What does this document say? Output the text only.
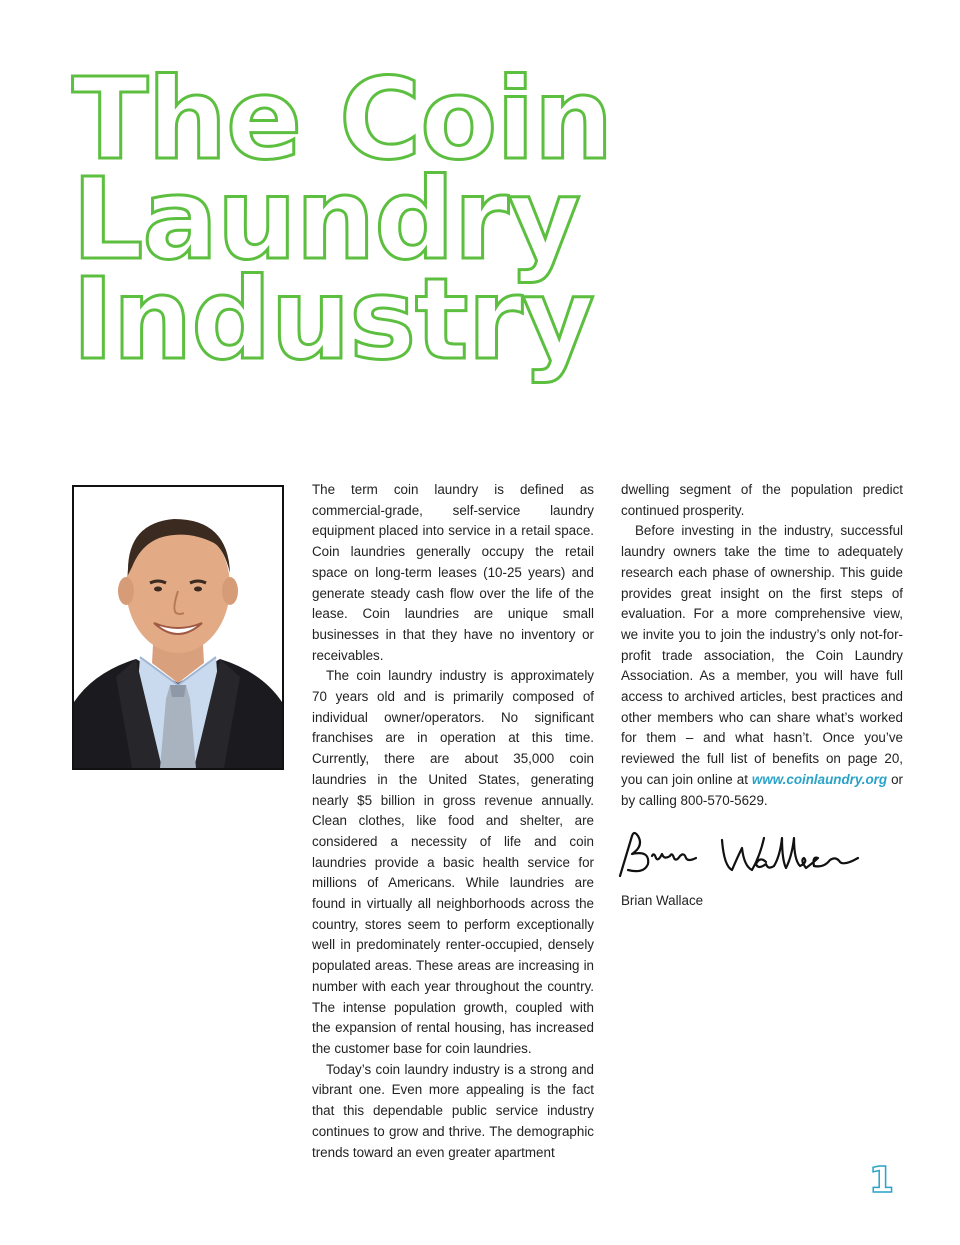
The Coin
Laundry
Industry

The term coin laundry is defined as commercial-grade, self-service laundry equipment placed into service in a retail space. Coin laundries generally occupy the retail space on long-term leases (10-25 years) and generate steady cash flow over the life of the lease. Coin laundries are unique small businesses in that they have no inventory or receivables.

The coin laundry industry is approximately 70 years old and is primarily composed of individual owner/operators. No significant franchises are in operation at this time. Currently, there are about 35,000 coin laundries in the United States, generating nearly $5 billion in gross revenue annually. Clean clothes, like food and shelter, are considered a necessity of life and coin laundries provide a basic health service for millions of Americans. While laundries are found in virtually all neighborhoods across the country, stores seem to perform exceptionally well in predominately renter-occupied, densely populated areas. These areas are increasing in number with each year throughout the country. The intense population growth, coupled with the expansion of rental housing, has increased the customer base for coin laundries.

Today’s coin laundry industry is a strong and vibrant one. Even more appealing is the fact that this dependable public service industry continues to grow and thrive. The demographic trends toward an even greater apartment

dwelling segment of the population predict continued prosperity.

Before investing in the industry, successful laundry owners take the time to adequately research each phase of ownership. This guide provides great insight on the first steps of evaluation. For a more comprehensive view, we invite you to join the industry’s only not-for-profit trade association, the Coin Laundry Association. As a member, you will have full access to archived articles, best practices and other members who can share what’s worked for them – and what hasn’t. Once you’ve reviewed the full list of benefits on page 20, you can join online at www.coinlaundry.org or by calling 800-570-5629.

Brian Wallace
1
